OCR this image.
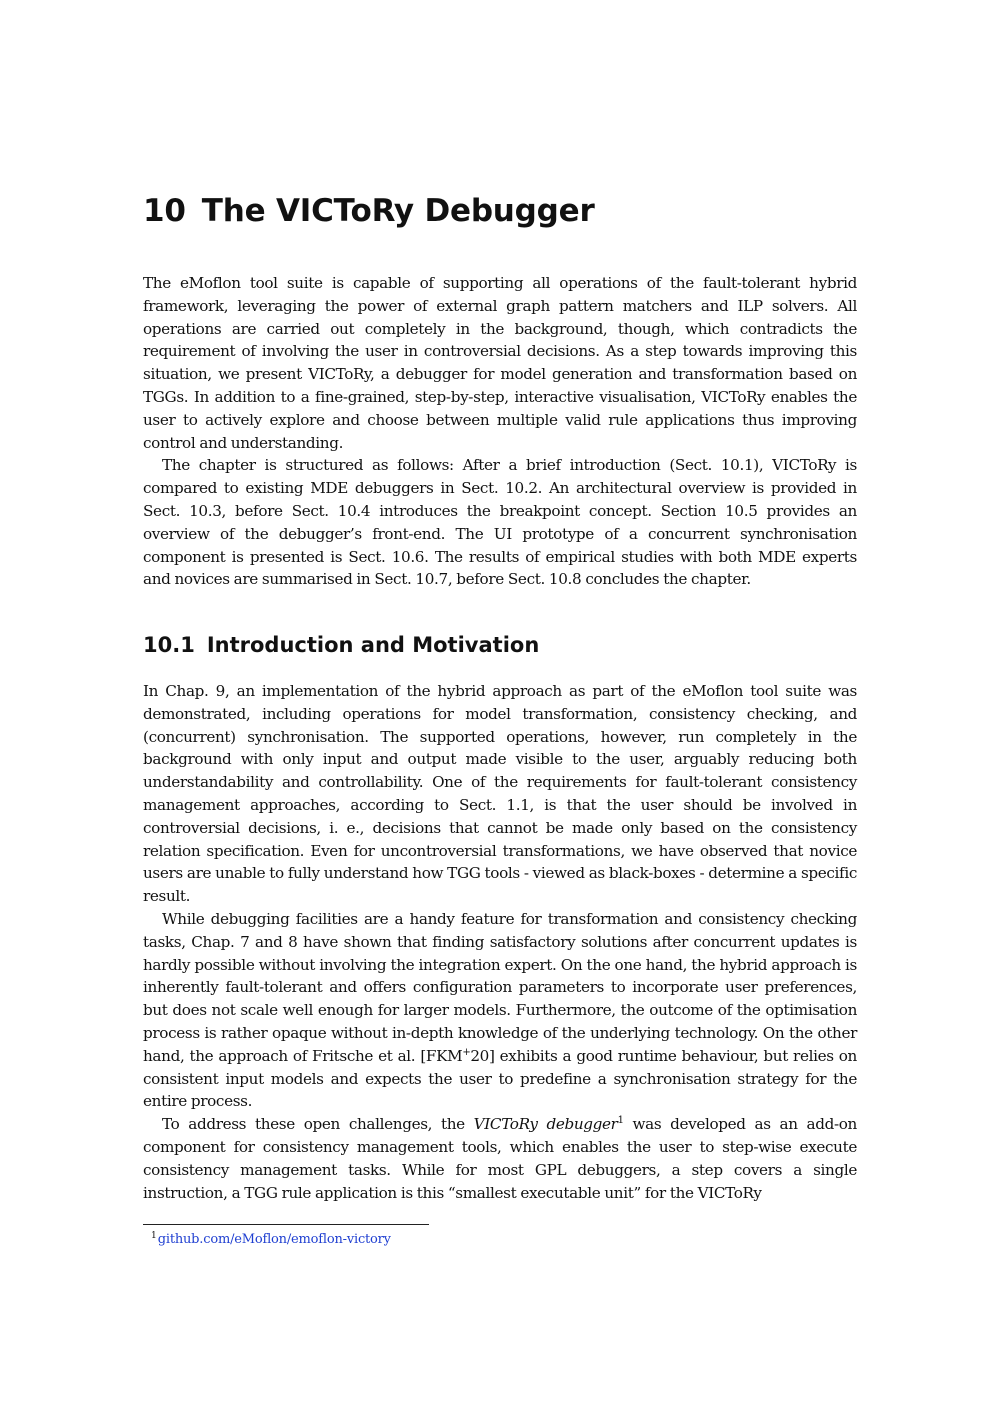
10 The VICToRy Debugger

The eMoflon tool suite is capable of supporting all operations of the fault-tolerant hybrid framework, leveraging the power of external graph pattern matchers and ILP solvers. All operations are carried out completely in the background, though, which contradicts the requirement of involving the user in controversial decisions. As a step towards improving this situation, we present VICToRy, a debugger for model generation and transformation based on TGGs. In addition to a fine-grained, step-by-step, interactive visualisation, VICToRy enables the user to actively explore and choose between multiple valid rule applications thus improving control and understanding.

The chapter is structured as follows: After a brief introduction (Sect. 10.1), VICToRy is compared to existing MDE debuggers in Sect. 10.2. An architectural overview is provided in Sect. 10.3, before Sect. 10.4 introduces the breakpoint concept. Section 10.5 provides an overview of the debugger’s front-end. The UI prototype of a concurrent synchronisation component is presented is Sect. 10.6. The results of empirical studies with both MDE experts and novices are summarised in Sect. 10.7, before Sect. 10.8 concludes the chapter.

10.1 Introduction and Motivation

In Chap. 9, an implementation of the hybrid approach as part of the eMoflon tool suite was demonstrated, including operations for model transformation, consistency checking, and (concurrent) synchronisation. The supported operations, however, run completely in the background with only input and output made visible to the user, arguably reducing both understandability and controllability. One of the requirements for fault-tolerant consistency management approaches, according to Sect. 1.1, is that the user should be involved in controversial decisions, i. e., decisions that cannot be made only based on the consistency relation specification. Even for uncontroversial transformations, we have observed that novice users are unable to fully understand how TGG tools - viewed as black-boxes - determine a specific result.

While debugging facilities are a handy feature for transformation and consistency checking tasks, Chap. 7 and 8 have shown that finding satisfactory solutions after concurrent updates is hardly possible without involving the integration expert. On the one hand, the hybrid approach is inherently fault-tolerant and offers configuration parameters to incorporate user preferences, but does not scale well enough for larger models. Furthermore, the outcome of the optimisation process is rather opaque without in-depth knowledge of the underlying technology. On the other hand, the approach of Fritsche et al. [FKM+20] exhibits a good runtime behaviour, but relies on consistent input models and expects the user to predefine a synchronisation strategy for the entire process.

To address these open challenges, the VICToRy debugger$^1$ was developed as an add-on component for consistency management tools, which enables the user to step-wise execute consistency management tasks. While for most GPL debuggers, a step covers a single instruction, a TGG rule application is this “smallest executable unit” for the VICToRy

$^1$github.com/eMoflon/emoflon-victory
